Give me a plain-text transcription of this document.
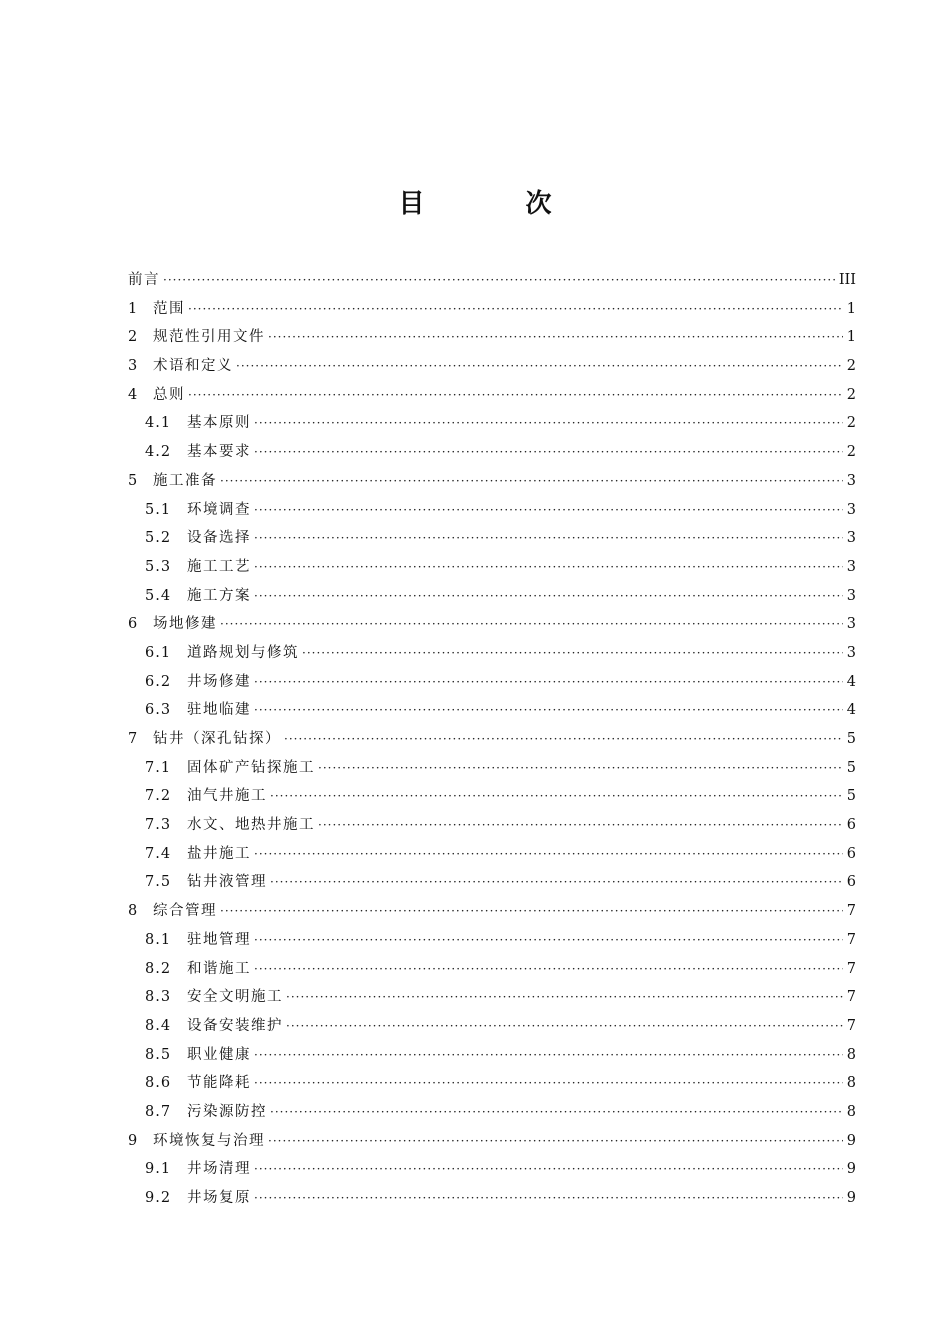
目 次
前言 ·····	III
1	范围 ·····	1
2	规范性引用文件 ·····	1
3	术语和定义 ·····	2
4	总则 ·····	2
4.1	基本原则 ·····	2
4.2	基本要求 ·····	2
5	施工准备 ·····	3
5.1	环境调查 ·····	3
5.2	设备选择 ·····	3
5.3	施工工艺 ·····	3
5.4	施工方案 ·····	3
6	场地修建 ·····	3
6.1	道路规划与修筑 ·····	3
6.2	井场修建 ·····	4
6.3	驻地临建 ·····	4
7	钻井（深孔钻探） ·····	5
7.1	固体矿产钻探施工 ·····	5
7.2	油气井施工 ·····	5
7.3	水文、地热井施工 ·····	6
7.4	盐井施工 ·····	6
7.5	钻井液管理 ·····	6
8	综合管理 ·····	7
8.1	驻地管理 ·····	7
8.2	和谐施工 ·····	7
8.3	安全文明施工 ·····	7
8.4	设备安装维护 ·····	7
8.5	职业健康 ·····	8
8.6	节能降耗 ·····	8
8.7	污染源防控 ·····	8
9	环境恢复与治理 ·····	9
9.1	井场清理 ·····	9
9.2	井场复原 ·····	9
